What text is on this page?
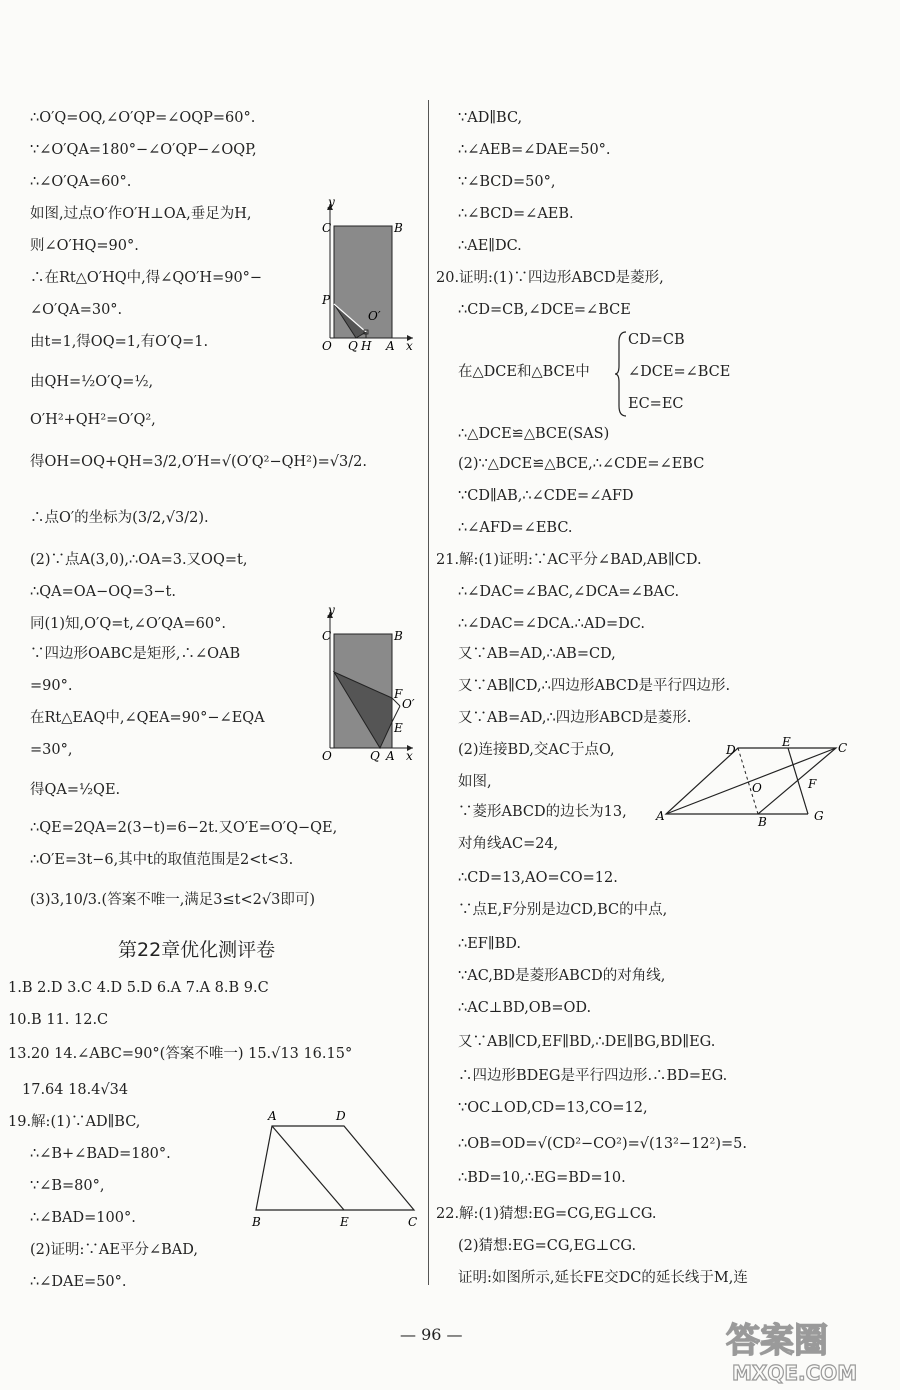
∴O′Q=OQ,∠O′QP=∠OQP=60°.
∵∠O′QA=180°−∠O′QP−∠OQP,
∴∠O′QA=60°.
如图,过点O′作O′H⊥OA,垂足为H,
则∠O′HQ=90°.
∴在Rt△O′HQ中,得∠QO′H=90°−
∠O′QA=30°.
由t=1,得OQ=1,有O′Q=1.
由QH=½O′Q=½,
O′H²+QH²=O′Q²,
得OH=OQ+QH=3/2,O′H=√(O′Q²−QH²)=√3/2.
∴点O′的坐标为(3/2,√3/2).
(2)∵点A(3,0),∴OA=3.又OQ=t,
∴QA=OA−OQ=3−t.
同(1)知,O′Q=t,∠O′QA=60°.
∵四边形OABC是矩形,∴∠OAB
=90°.
在Rt△EAQ中,∠QEA=90°−∠EQA
=30°,
得QA=½QE.
∴QE=2QA=2(3−t)=6−2t.又O′E=O′Q−QE,
∴O′E=3t−6,其中t的取值范围是2<t<3.
(3)3,10/3.(答案不唯一,满足3≤t<2√3即可)
第22章优化测评卷
1.B 2.D 3.C 4.D 5.D 6.A 7.A 8.B 9.C
10.B 11. 12.C
13.20 14.∠ABC=90°(答案不唯一) 15.√13 16.15°
17.64 18.4√34
19.解:(1)∵AD∥BC,
∴∠B+∠BAD=180°.
∵∠B=80°,
∴∠BAD=100°.
(2)证明:∵AE平分∠BAD,
∴∠DAE=50°.
y
C	B
P
O′
O Q H A x
y
C	B
F
O′
E
O	Q A x
A	D
B	E	C
∵AD∥BC,
∴∠AEB=∠DAE=50°.
∵∠BCD=50°,
∴∠BCD=∠AEB.
∴AE∥DC.
20.证明:(1)∵四边形ABCD是菱形,
∴CD=CB,∠DCE=∠BCE
CD=CB
在△DCE和△BCE中	∠DCE=∠BCE
EC=EC
∴△DCE≌△BCE(SAS)
(2)∵△DCE≌△BCE,∴∠CDE=∠EBC
∵CD∥AB,∴∠CDE=∠AFD
∴∠AFD=∠EBC.
21.解:(1)证明:∵AC平分∠BAD,AB∥CD.
∴∠DAC=∠BAC,∠DCA=∠BAC.
∴∠DAC=∠DCA.∴AD=DC.
又∵AB=AD,∴AB=CD,
又∵AB∥CD,∴四边形ABCD是平行四边形.
又∵AB=AD,∴四边形ABCD是菱形.
(2)连接BD,交AC于点O,
如图,
∵菱形ABCD的边长为13,
对角线AC=24,
∴CD=13,AO=CO=12.
∵点E,F分别是边CD,BC的中点,
∴EF∥BD.
∵AC,BD是菱形ABCD的对角线,
∴AC⊥BD,OB=OD.
又∵AB∥CD,EF∥BD,∴DE∥BG,BD∥EG.
∴四边形BDEG是平行四边形.∴BD=EG.
∵OC⊥OD,CD=13,CO=12,
∴OB=OD=√(CD²−CO²)=√(13²−12²)=5.
∴BD=10,∴EG=BD=10.
22.解:(1)猜想:EG=CG,EG⊥CG.
(2)猜想:EG=CG,EG⊥CG.
证明:如图所示,延长FE交DC的延长线于M,连
D
E	C
O	F
A	B	G
— 96 —	答案圈
MXQE.COM
